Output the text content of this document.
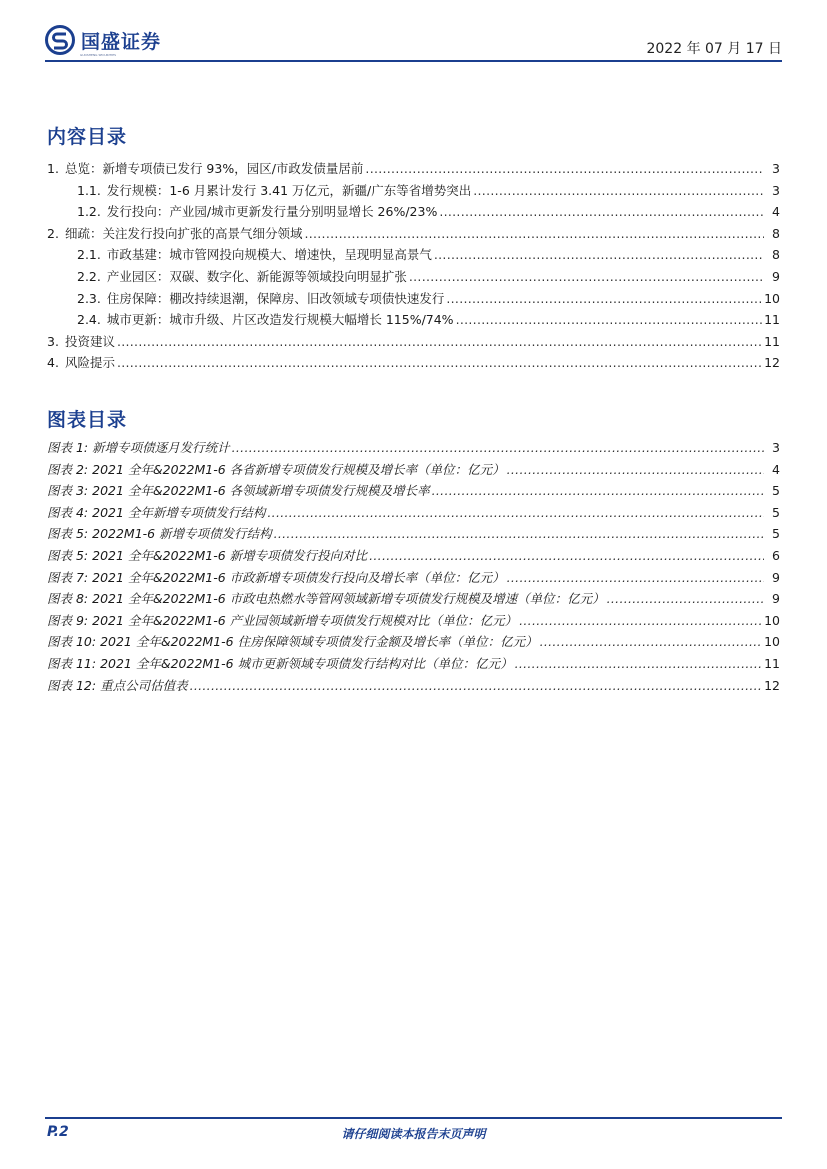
国盛证券
GUOSHENG SECURITIES	2022 年 07 月 17 日
内容目录
1. 总览：新增专项债已发行 93%，园区/市政发债量居前 .....	3
1.1. 发行规模：1-6 月累计发行 3.41 万亿元，新疆/广东等省增势突出 .....	3
1.2. 发行投向：产业园/城市更新发行量分别明显增长 26%/23% .....	4
2. 细疏：关注发行投向扩张的高景气细分领域 .....	8
2.1. 市政基建：城市管网投向规模大、增速快，呈现明显高景气 .....	8
2.2. 产业园区：双碳、数字化、新能源等领域投向明显扩张 .....	9
2.3. 住房保障：棚改持续退潮，保障房、旧改领域专项债快速发行 .....	10
2.4. 城市更新：城市升级、片区改造发行规模大幅增长 115%/74% .....	11
3. 投资建议 .....	11
4. 风险提示 .....	12
图表目录
图表 1: 新增专项债逐月发行统计 .....	3
图表 2: 2021 全年&2022M1-6 各省新增专项债发行规模及增长率（单位：亿元） .....	4
图表 3: 2021 全年&2022M1-6 各领域新增专项债发行规模及增长率 .....	5
图表 4: 2021 全年新增专项债发行结构 .....	5
图表 5: 2022M1-6 新增专项债发行结构 .....	5
图表 5: 2021 全年&2022M1-6 新增专项债发行投向对比 .....	6
图表 7: 2021 全年&2022M1-6 市政新增专项债发行投向及增长率（单位：亿元） .....	9
图表 8: 2021 全年&2022M1-6 市政电热燃水等管网领域新增专项债发行规模及增速（单位：亿元） .....	9
图表 9: 2021 全年&2022M1-6 产业园领域新增专项债发行规模对比（单位：亿元） .....	10
图表 10: 2021 全年&2022M1-6 住房保障领域专项债发行金额及增长率（单位：亿元） .....	10
图表 11: 2021 全年&2022M1-6 城市更新领域专项债发行结构对比（单位：亿元） .....	11
图表 12: 重点公司估值表 .....	12
P.2	请仔细阅读本报告末页声明
